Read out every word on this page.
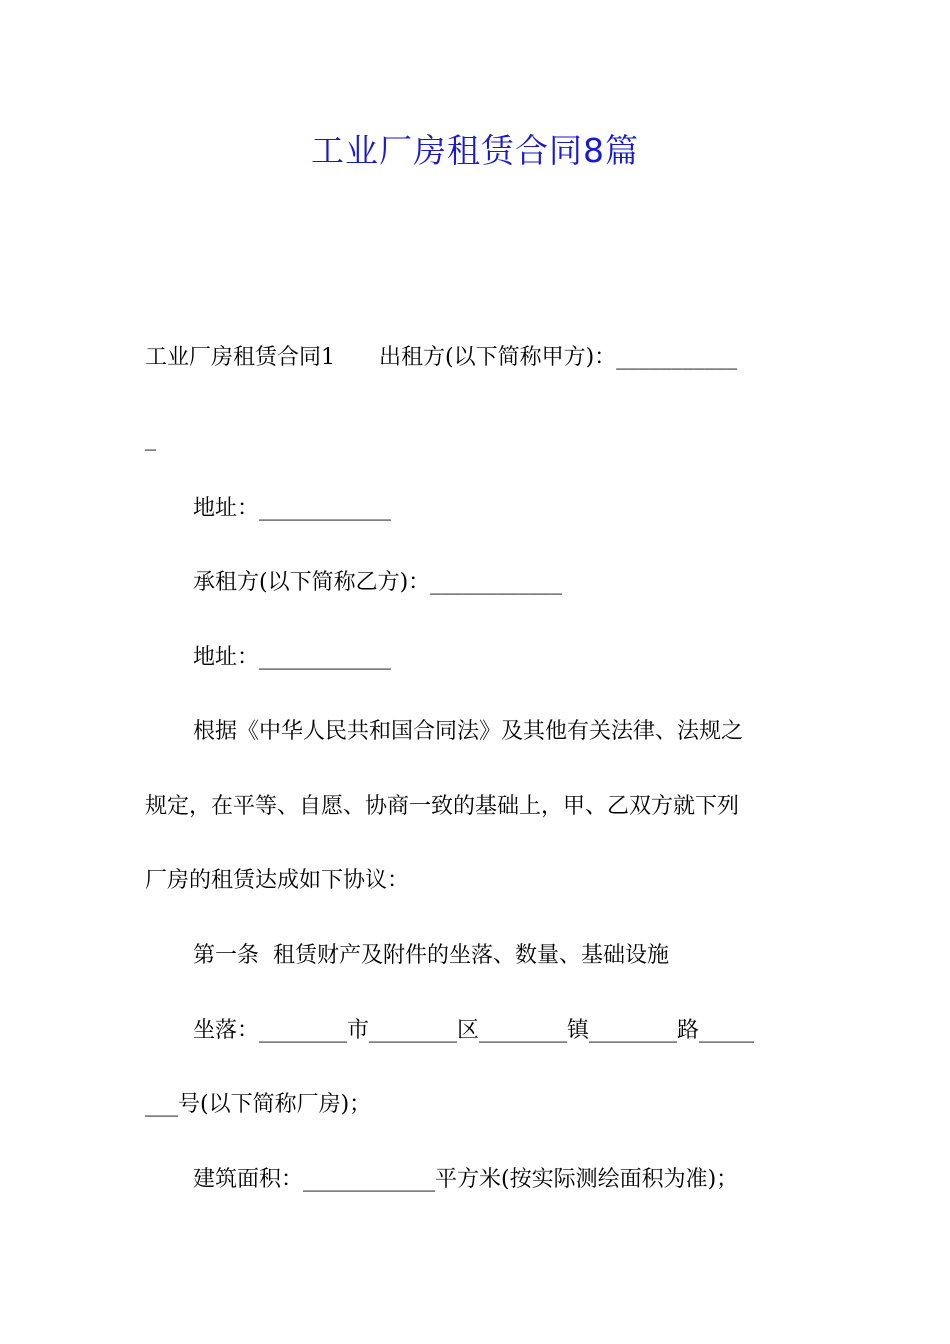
工业厂房租赁合同8篇
工业厂房租赁合同1　　出租方(以下简称甲方)：___________
_
地址：____________
承租方(以下简称乙方)：____________
地址：____________
根据《中华人民共和国合同法》及其他有关法律、法规之
规定，在平等、自愿、协商一致的基础上，甲、乙双方就下列
厂房的租赁达成如下协议：
第一条  租赁财产及附件的坐落、数量、基础设施
坐落：________市________区________镇________路_____
___号(以下简称厂房)；
建筑面积：____________平方米(按实际测绘面积为准)；
